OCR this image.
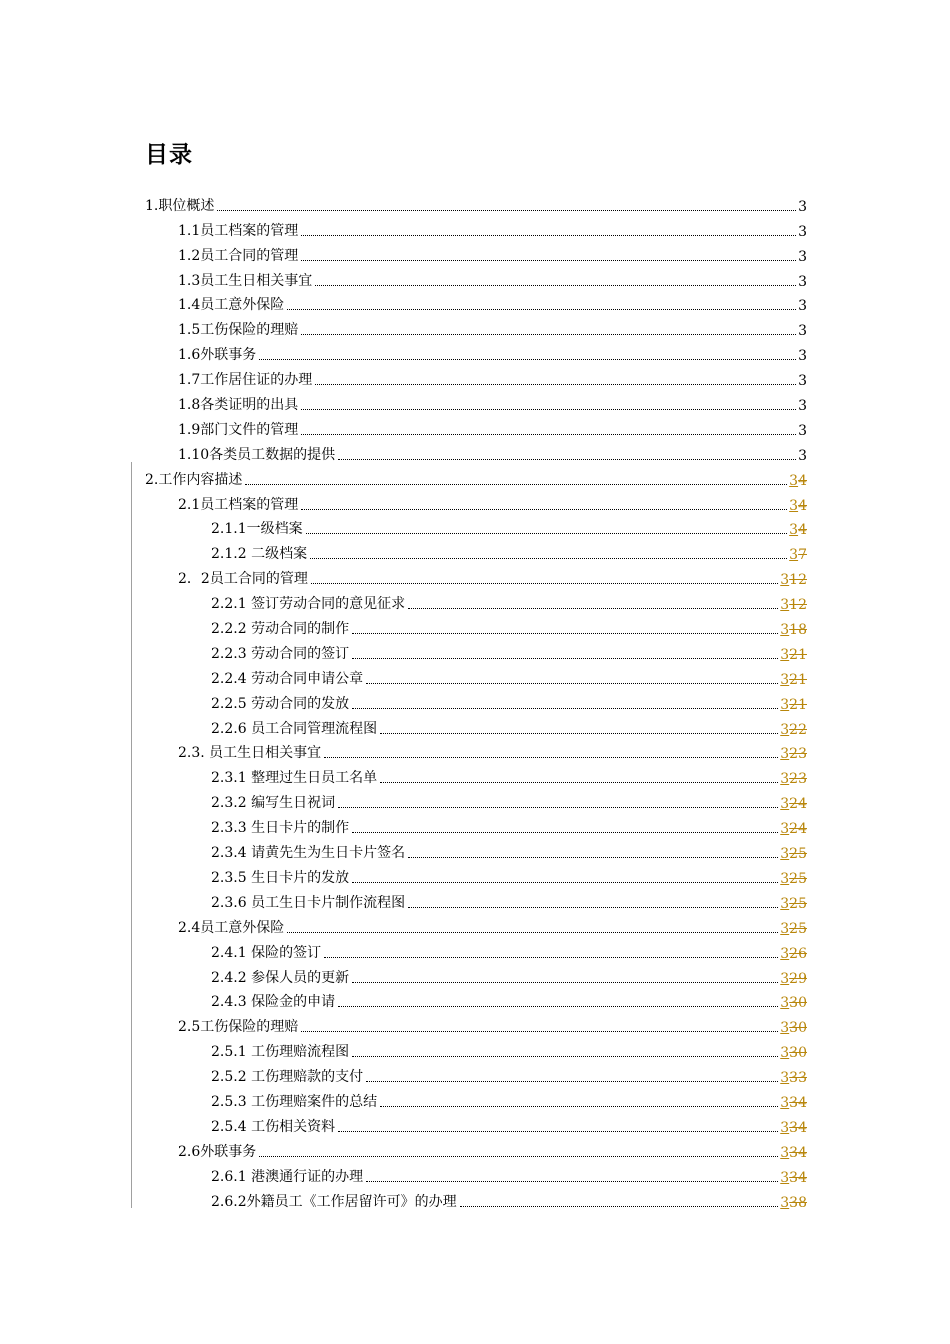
目录
1.职位概述	3
1.1员工档案的管理	3
1.2员工合同的管理	3
1.3员工生日相关事宜	3
1.4员工意外保险	3
1.5工伤保险的理赔	3
1.6外联事务	3
1.7工作居住证的办理	3
1.8各类证明的出具	3
1.9部门文件的管理	3
1.10各类员工数据的提供	3
2.工作内容描述	34
2.1员工档案的管理	34
2.1.1一级档案	34
2.1.2 二级档案	37
2．2员工合同的管理	312
2.2.1 签订劳动合同的意见征求	312
2.2.2 劳动合同的制作	318
2.2.3 劳动合同的签订	321
2.2.4 劳动合同申请公章	321
2.2.5 劳动合同的发放	321
2.2.6 员工合同管理流程图	322
2.3. 员工生日相关事宜	323
2.3.1 整理过生日员工名单	323
2.3.2 编写生日祝词	324
2.3.3 生日卡片的制作	324
2.3.4 请黄先生为生日卡片签名	325
2.3.5 生日卡片的发放	325
2.3.6 员工生日卡片制作流程图	325
2.4员工意外保险	325
2.4.1 保险的签订	326
2.4.2 参保人员的更新	329
2.4.3 保险金的申请	330
2.5工伤保险的理赔	330
2.5.1 工伤理赔流程图	330
2.5.2 工伤理赔款的支付	333
2.5.3 工伤理赔案件的总结	334
2.5.4 工伤相关资料	334
2.6外联事务	334
2.6.1 港澳通行证的办理	334
2.6.2外籍员工《工作居留许可》的办理	338
